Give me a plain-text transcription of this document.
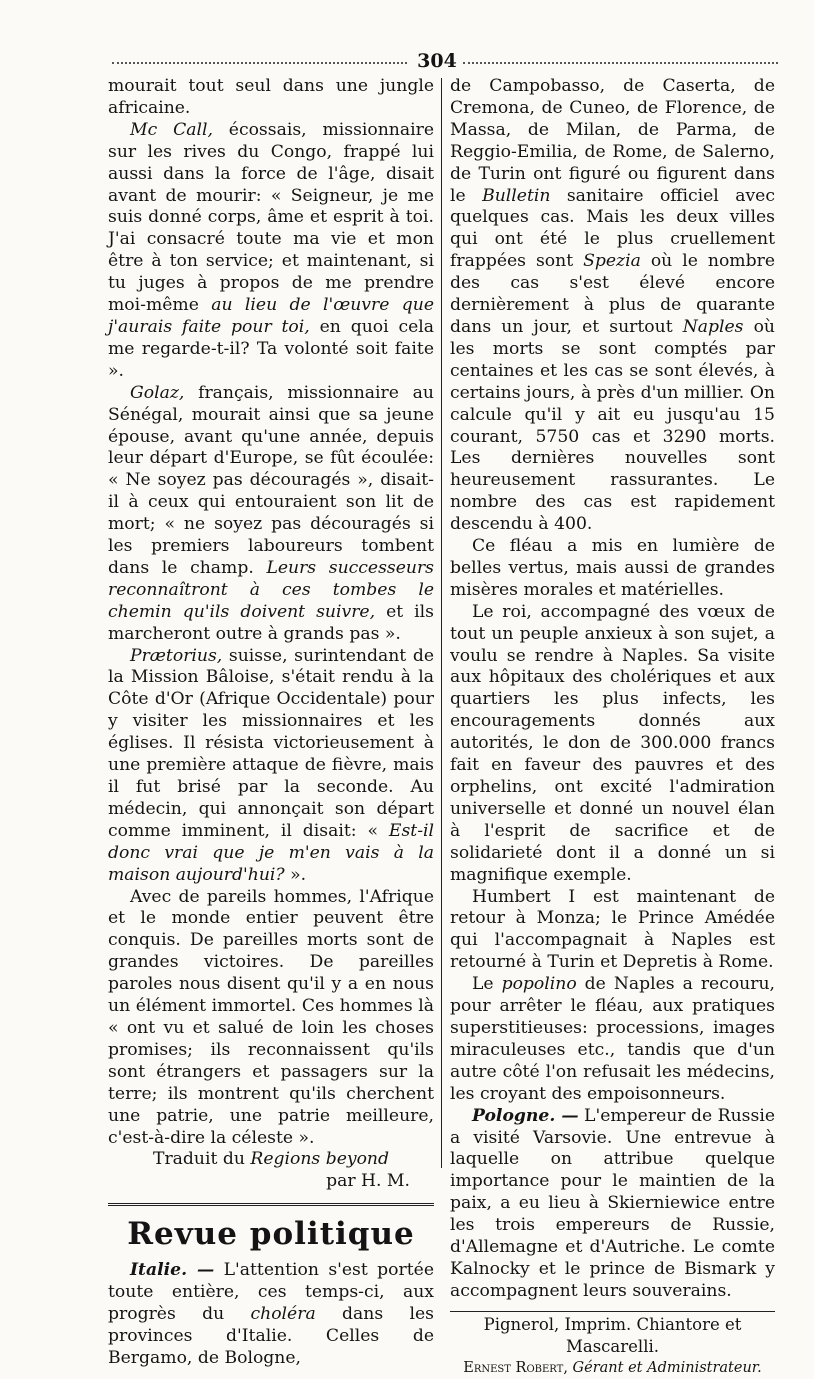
304

mourait tout seul dans une jungle africaine.

Mc Call, écossais, missionnaire sur les rives du Congo, frappé lui aussi dans la force de l'âge, disait avant de mourir: « Seigneur, je me suis donné corps, âme et esprit à toi. J'ai consacré toute ma vie et mon être à ton service; et maintenant, si tu juges à propos de me prendre moi-même au lieu de l'œuvre que j'aurais faite pour toi, en quoi cela me regarde-t-il? Ta volonté soit faite ».

Golaz, français, missionnaire au Sénégal, mourait ainsi que sa jeune épouse, avant qu'une année, depuis leur départ d'Europe, se fût écoulée: « Ne soyez pas découragés », disait-il à ceux qui entouraient son lit de mort; « ne soyez pas découragés si les premiers laboureurs tombent dans le champ. Leurs successeurs reconnaîtront à ces tombes le chemin qu'ils doivent suivre, et ils marcheront outre à grands pas ».

Prætorius, suisse, surintendant de la Mission Bâloise, s'était rendu à la Côte d'Or (Afrique Occidentale) pour y visiter les missionnaires et les églises. Il résista victorieusement à une première attaque de fièvre, mais il fut brisé par la seconde. Au médecin, qui annonçait son départ comme imminent, il disait: « Est-il donc vrai que je m'en vais à la maison aujourd'hui? ».

Avec de pareils hommes, l'Afrique et le monde entier peuvent être conquis. De pareilles morts sont de grandes victoires. De pareilles paroles nous disent qu'il y a en nous un élément immortel. Ces hommes là « ont vu et salué de loin les choses promises; ils reconnaissent qu'ils sont étrangers et passagers sur la terre; ils montrent qu'ils cherchent une patrie, une patrie meilleure, c'est-à-dire la céleste ».

Traduit du Regions beyond

par H. M.

Revue politique

Italie. — L'attention s'est portée toute entière, ces temps-ci, aux progrès du choléra dans les provinces d'Italie. Celles de Bergamo, de Bologne,

de Campobasso, de Caserta, de Cremona, de Cuneo, de Florence, de Massa, de Milan, de Parma, de Reggio-Emilia, de Rome, de Salerno, de Turin ont figuré ou figurent dans le Bulletin sanitaire officiel avec quelques cas. Mais les deux villes qui ont été le plus cruellement frappées sont Spezia où le nombre des cas s'est élevé encore dernièrement à plus de quarante dans un jour, et surtout Naples où les morts se sont comptés par centaines et les cas se sont élevés, à certains jours, à près d'un millier. On calcule qu'il y ait eu jusqu'au 15 courant, 5750 cas et 3290 morts. Les dernières nouvelles sont heureusement rassurantes. Le nombre des cas est rapidement descendu à 400.

Ce fléau a mis en lumière de belles vertus, mais aussi de grandes misères morales et matérielles.

Le roi, accompagné des vœux de tout un peuple anxieux à son sujet, a voulu se rendre à Naples. Sa visite aux hôpitaux des cholériques et aux quartiers les plus infects, les encouragements donnés aux autorités, le don de 300.000 francs fait en faveur des pauvres et des orphelins, ont excité l'admiration universelle et donné un nouvel élan à l'esprit de sacrifice et de solidarieté dont il a donné un si magnifique exemple.

Humbert I est maintenant de retour à Monza; le Prince Amédée qui l'accompagnait à Naples est retourné à Turin et Depretis à Rome.

Le popolino de Naples a recouru, pour arrêter le fléau, aux pratiques superstitieuses: processions, images miraculeuses etc., tandis que d'un autre côté l'on refusait les médecins, les croyant des empoisonneurs.

Pologne. — L'empereur de Russie a visité Varsovie. Une entrevue à laquelle on attribue quelque importance pour le maintien de la paix, a eu lieu à Skierniewice entre les trois empereurs de Russie, d'Allemagne et d'Autriche. Le comte Kalnocky et le prince de Bismark y accompagnent leurs souverains.

Pignerol, Imprim. Chiantore et Mascarelli.

Ernest Robert, Gérant et Administrateur.
